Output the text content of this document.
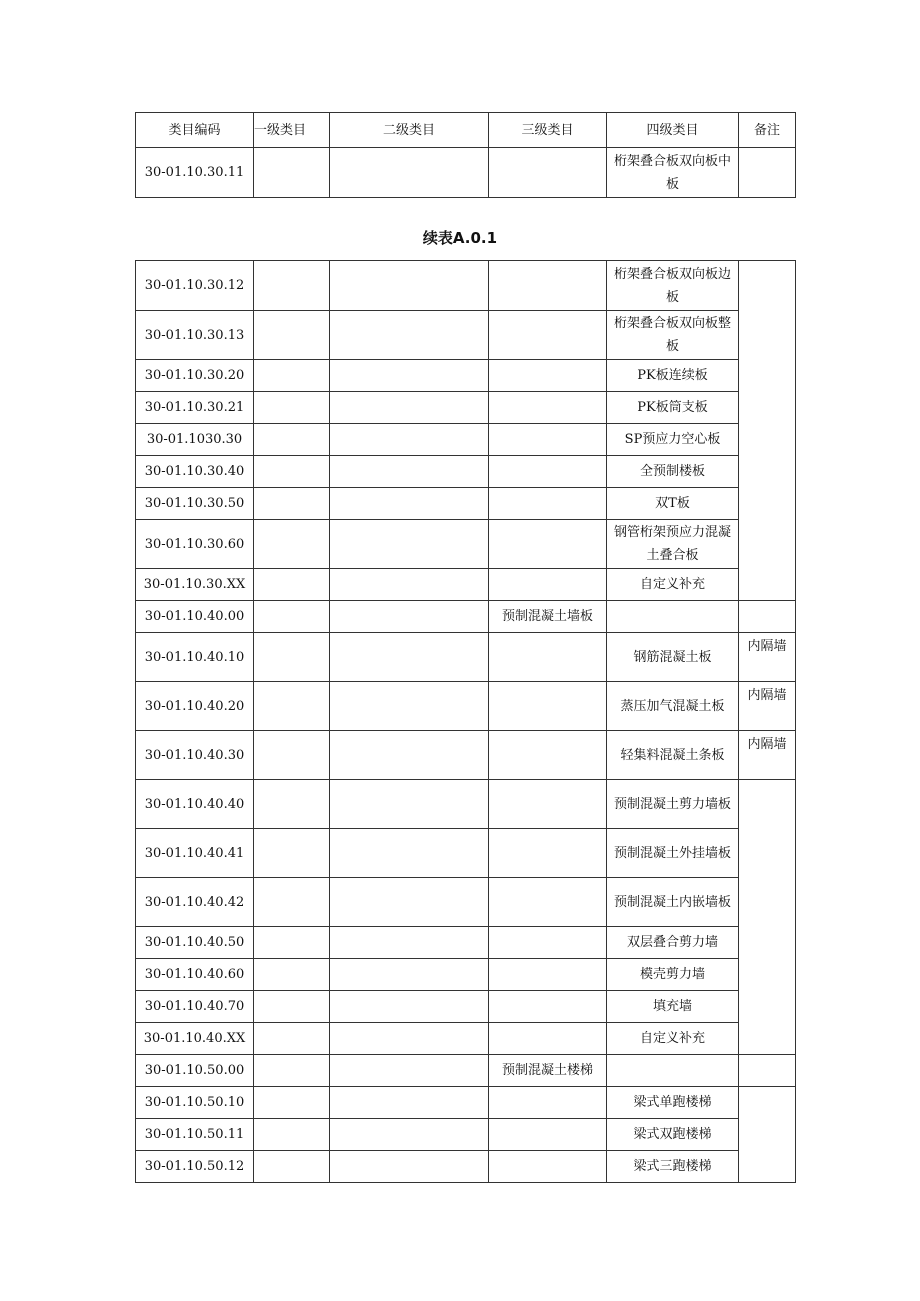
类目编码	一级类目	二级类目	三级类目	四级类目	备注
30-01.10.30.11				桁架叠合板双向板中板	
续表A.0.1
30-01.10.30.12				桁架叠合板双向板边板	
30-01.10.30.13				桁架叠合板双向板整板	
30-01.10.30.20				PK板连续板	
30-01.10.30.21				PK板筒支板	
30-01.1030.30				SP预应力空心板	
30-01.10.30.40				全预制楼板	
30-01.10.30.50				双T板	
30-01.10.30.60				钢管桁架预应力混凝土叠合板	
30-01.10.30.XX				自定义补充	
30-01.10.40.00			预制混凝土墙板		
30-01.10.40.10				钢筋混凝土板	内隔墙
30-01.10.40.20				蒸压加气混凝土板	内隔墙
30-01.10.40.30				轻集料混凝土条板	内隔墙
30-01.10.40.40				预制混凝土剪力墙板	
30-01.10.40.41				预制混凝土外挂墙板	
30-01.10.40.42				预制混凝土内嵌墙板	
30-01.10.40.50				双层叠合剪力墙	
30-01.10.40.60				模壳剪力墙	
30-01.10.40.70				填充墙	
30-01.10.40.XX				自定义补充	
30-01.10.50.00			预制混凝土楼梯		
30-01.10.50.10				梁式单跑楼梯	
30-01.10.50.11				梁式双跑楼梯	
30-01.10.50.12				梁式三跑楼梯	
